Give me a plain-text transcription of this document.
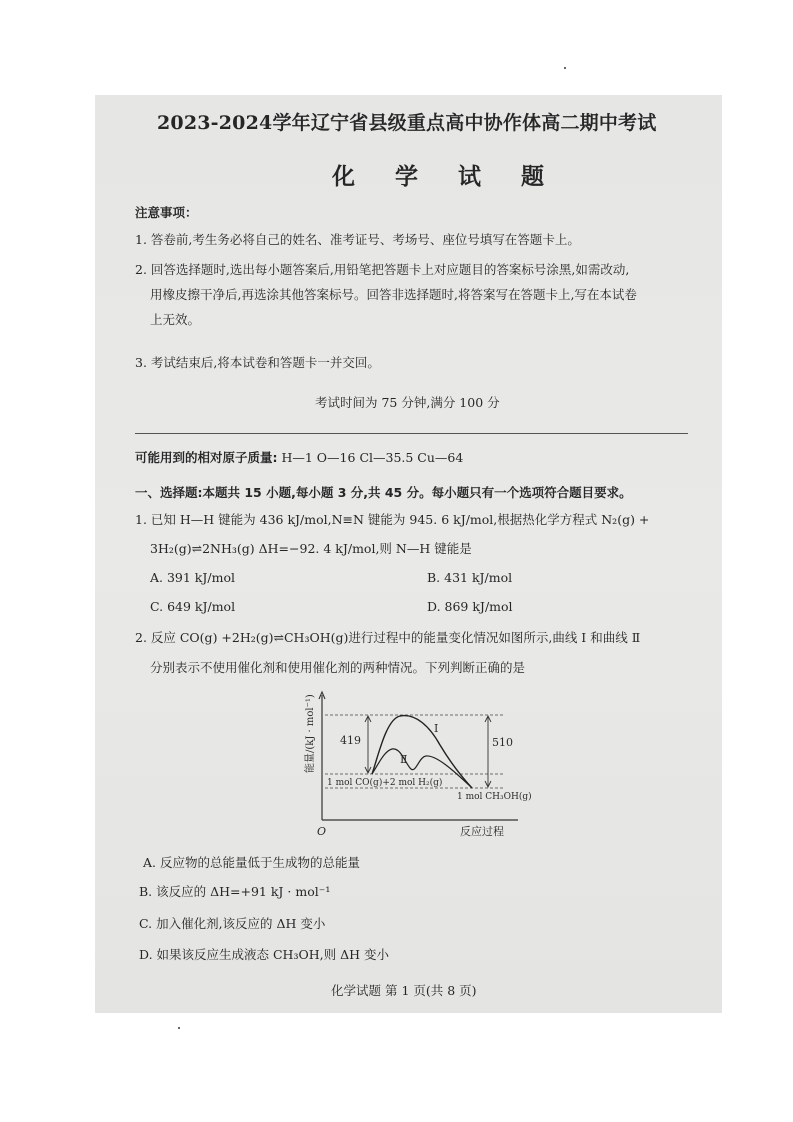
2023-2024学年辽宁省县级重点高中协作体高二期中考试
化 学 试 题
注意事项：
1. 答卷前,考生务必将自己的姓名、准考证号、考场号、座位号填写在答题卡上。
2. 回答选择题时,选出每小题答案后,用铅笔把答题卡上对应题目的答案标号涂黑,如需改动,
用橡皮擦干净后,再选涂其他答案标号。回答非选择题时,将答案写在答题卡上,写在本试卷
上无效。
3. 考试结束后,将本试卷和答题卡一并交回。
考试时间为 75 分钟,满分 100 分
可能用到的相对原子质量: H—1 O—16 Cl—35.5 Cu—64
一、选择题:本题共 15 小题,每小题 3 分,共 45 分。每小题只有一个选项符合题目要求。
1. 已知 H—H 键能为 436 kJ/mol,N≡N 键能为 945. 6 kJ/mol,根据热化学方程式 N₂(g) +
3H₂(g)⇌2NH₃(g) ΔH=−92. 4 kJ/mol,则 N—H 键能是
A. 391 kJ/mol	B. 431 kJ/mol
C. 649 kJ/mol	D. 869 kJ/mol
2. 反应 CO(g) +2H₂(g)⇌CH₃OH(g)进行过程中的能量变化情况如图所示,曲线 Ⅰ 和曲线 Ⅱ
分别表示不使用催化剂和使用催化剂的两种情况。下列判断正确的是
O	反应过程
能量/(kJ · mol⁻¹) 419	510
Ⅰ
Ⅱ
1 mol CO(g)+2 mol H₂(g)
1 mol CH₃OH(g)
A. 反应物的总能量低于生成物的总能量
B. 该反应的 ΔH=+91 kJ · mol⁻¹
C. 加入催化剂,该反应的 ΔH 变小
D. 如果该反应生成液态 CH₃OH,则 ΔH 变小
化学试题 第 1 页(共 8 页)
